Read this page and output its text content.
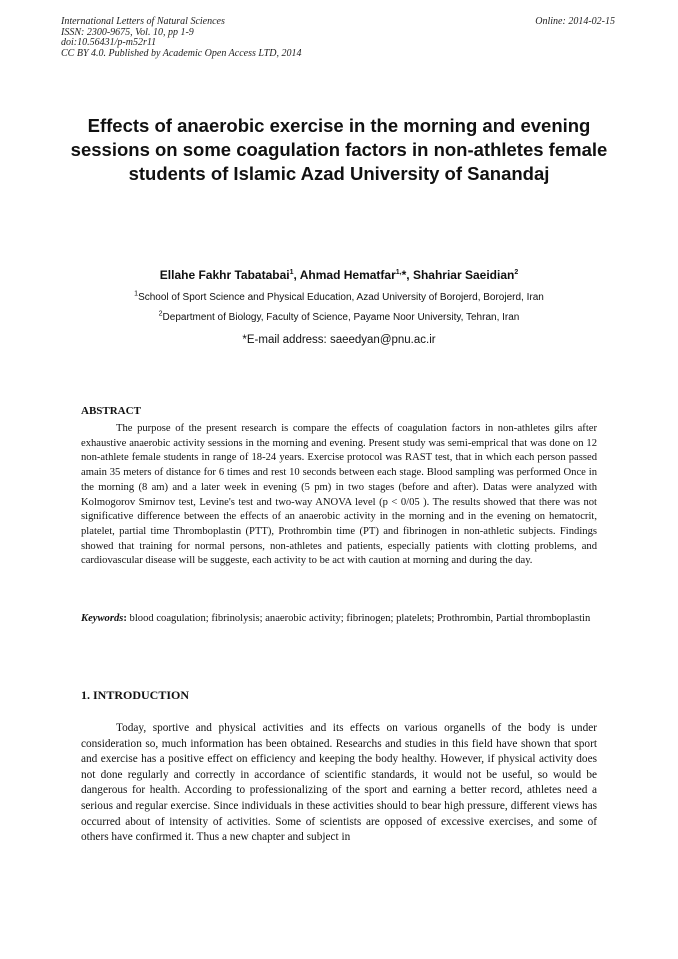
International Letters of Natural Sciences
ISSN: 2300-9675, Vol. 10, pp 1-9
doi:10.56431/p-m52r11
CC BY 4.0. Published by Academic Open Access LTD, 2014
Online: 2014-02-15
Effects of anaerobic exercise in the morning and evening sessions on some coagulation factors in non-athletes female students of Islamic Azad University of Sanandaj
Ellahe Fakhr Tabatabai$^1$, Ahmad Hematfar$^{1,}$*, Shahriar Saeidian$^2$
$^1$School of Sport Science and Physical Education, Azad University of Borojerd, Borojerd, Iran
$^2$Department of Biology, Faculty of Science, Payame Noor University, Tehran, Iran
*E-mail address: saeedyan@pnu.ac.ir
ABSTRACT
The purpose of the present research is compare the effects of coagulation factors in non-athletes gilrs after exhaustive anaerobic activity sessions in the morning and evening. Present study was semi-emprical that was done on 12 non-athlete female students in range of 18-24 years. Exercise protocol was RAST test, that in which each person passed amain 35 meters of distance for 6 times and rest 10 seconds between each stage. Blood sampling was performed Once in the morning (8 am) and a later week in evening (5 pm) in two stages (before and after). Datas were analyzed with Kolmogorov Smirnov test, Levine's test and two-way ANOVA level (p < 0/05 ). The results showed that there was not significative difference between the effects of an anaerobic activity in the morning and in the evening on hematocrit, platelet, partial time Thromboplastin (PTT), Prothrombin time (PT) and fibrinogen in non-athletic subjects. Findings showed that training for normal persons, non-athletes and patients, especially patients with clotting problems, and cardiovascular disease will be suggeste, each activity to be act with caution at morning and during the day.
Keywords: blood coagulation; fibrinolysis; anaerobic activity; fibrinogen; platelets; Prothrombin, Partial thromboplastin
1. INTRODUCTION
Today, sportive and physical activities and its effects on various organells of the body is under consideration so, much information has been obtained. Researchs and studies in this field have shown that sport and exercise has a positive effect on efficiency and keeping the body healthy. However, if physical activity does not done regularly and correctly in accordance of scientific standards, it would not be useful, so would be dangerous for health. According to professionalizing of the sport and earning a better record, athletes need a serious and regular exercise. Since individuals in these activities should to bear high pressure, different views has occurred about of intensity of activities. Some of scientists are opposed of excessive exercises, and some of others have confirmed it. Thus a new chapter and subject in
